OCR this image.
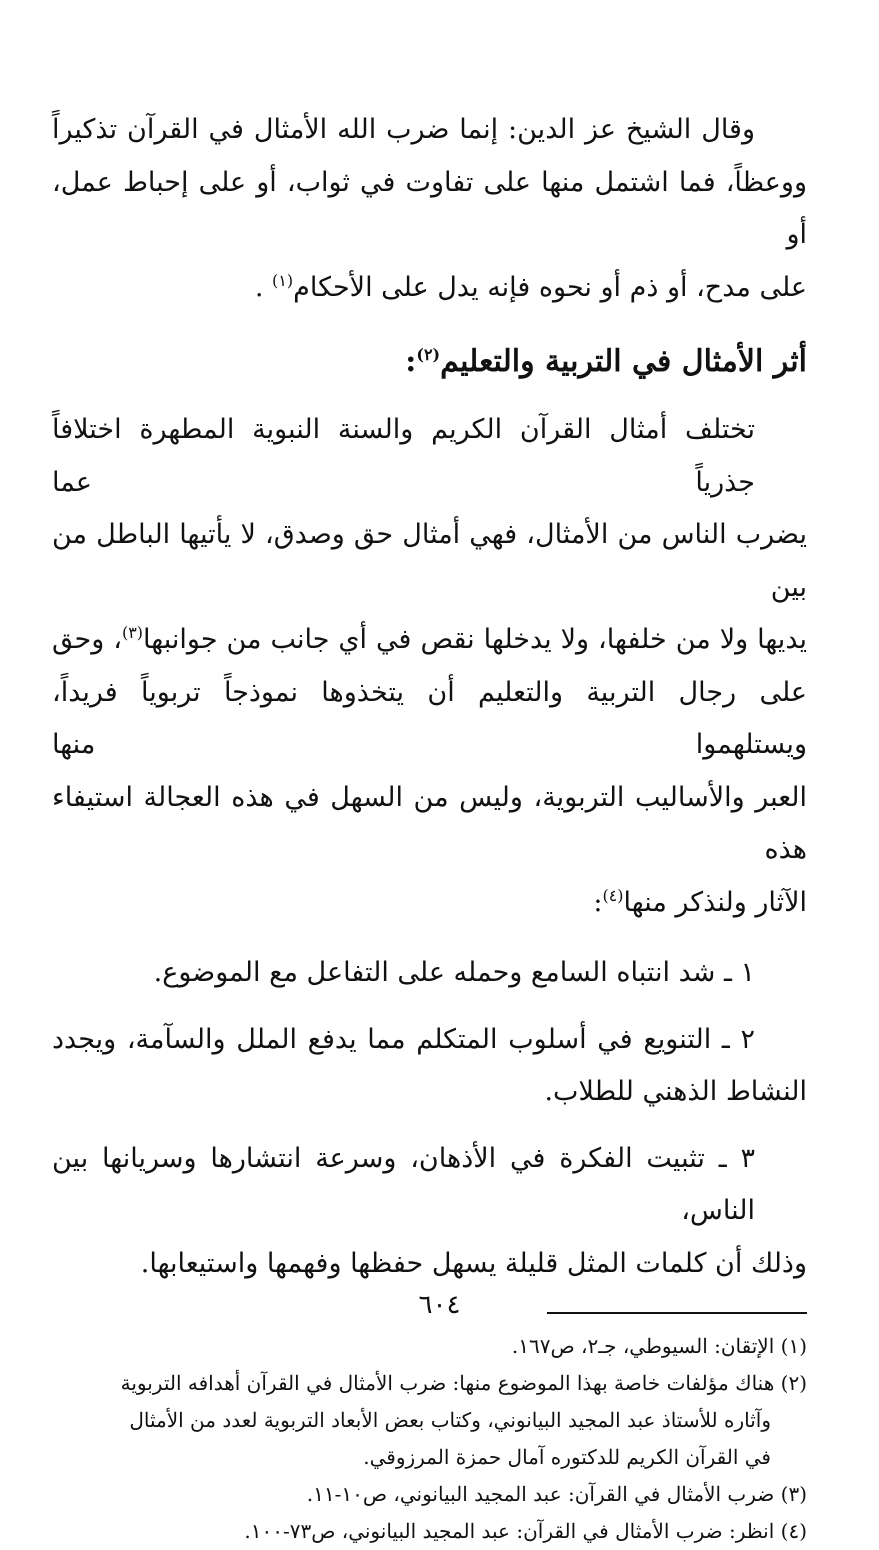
وقال الشيخ عز الدين: إنما ضرب الله الأمثال في القرآن تذكيراً
ووعظاً، فما اشتمل منها على تفاوت في ثواب، أو على إحباط عمل، أو
على مدح، أو ذم أو نحوه فإنه يدل على الأحكام$^{(١)}$ .

أثر الأمثال في التربية والتعليم$^{(٢)}$:

تختلف أمثال القرآن الكريم والسنة النبوية المطهرة اختلافاً جذرياً عما
يضرب الناس من الأمثال، فهي أمثال حق وصدق، لا يأتيها الباطل من بين
يديها ولا من خلفها، ولا يدخلها نقص في أي جانب من جوانبها$^{(٣)}$، وحق
على رجال التربية والتعليم أن يتخذوها نموذجاً تربوياً فريداً، ويستلهموا منها
العبر والأساليب التربوية، وليس من السهل في هذه العجالة استيفاء هذه
الآثار ولنذكر منها$^{(٤)}$:

١ ـ شد انتباه السامع وحمله على التفاعل مع الموضوع.

٢ ـ التنويع في أسلوب المتكلم مما يدفع الملل والسآمة، ويجدد
النشاط الذهني للطلاب.

٣ ـ تثبيت الفكرة في الأذهان، وسرعة انتشارها وسريانها بين الناس،
وذلك أن كلمات المثل قليلة يسهل حفظها وفهمها واستيعابها.

(١) الإتقان: السيوطي، جـ٢، ص١٦٧.

(٢) هناك مؤلفات خاصة بهذا الموضوع منها: ضرب الأمثال في القرآن أهدافه التربوية
وآثاره للأستاذ عبد المجيد البيانوني، وكتاب بعض الأبعاد التربوية لعدد من الأمثال
في القرآن الكريم للدكتوره آمال حمزة المرزوقي.

(٣) ضرب الأمثال في القرآن: عبد المجيد البيانوني، ص١٠-١١.

(٤) انظر: ضرب الأمثال في القرآن: عبد المجيد البيانوني، ص٧٣-١٠٠.

٦٠٤
